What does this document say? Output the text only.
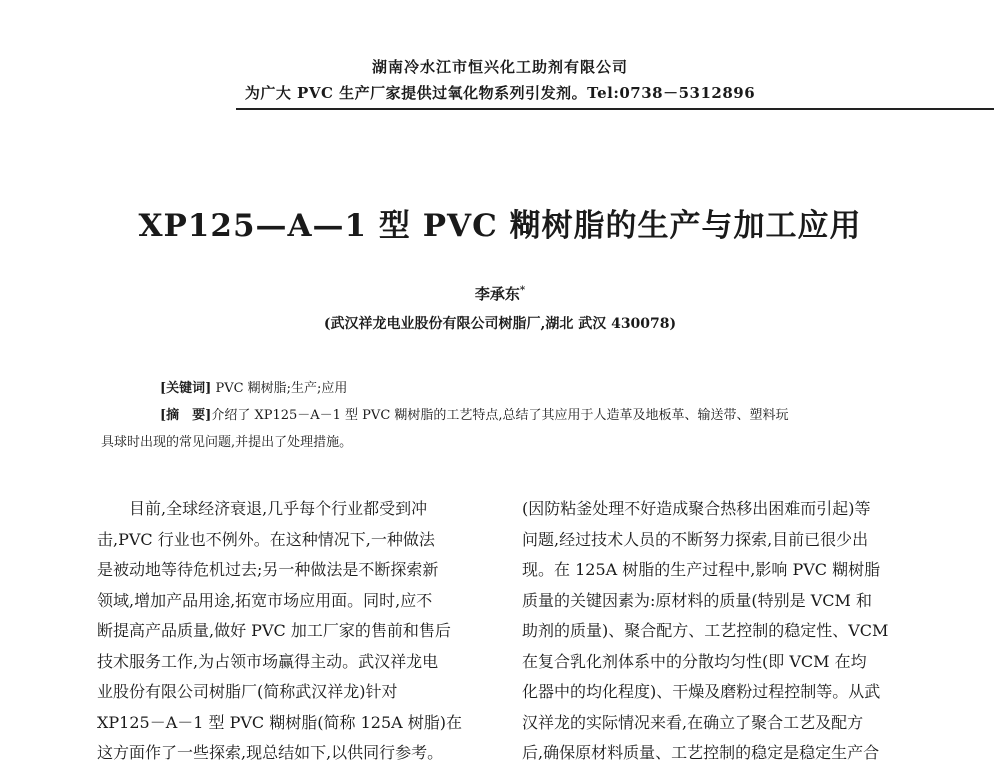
湖南冷水江市恒兴化工助剂有限公司
为广大 PVC 生产厂家提供过氧化物系列引发剂。Tel:0738－5312896
XP125—A—1 型 PVC 糊树脂的生产与加工应用
李承东*
(武汉祥龙电业股份有限公司树脂厂,湖北 武汉 430078)
[关键词] PVC 糊树脂;生产;应用
[摘　要]介绍了 XP125－A－1 型 PVC 糊树脂的工艺特点,总结了其应用于人造革及地板革、输送带、塑料玩
具球时出现的常见问题,并提出了处理措施。
　　目前,全球经济衰退,几乎每个行业都受到冲
击,PVC 行业也不例外。在这种情况下,一种做法
是被动地等待危机过去;另一种做法是不断探索新
领域,增加产品用途,拓宽市场应用面。同时,应不
断提高产品质量,做好 PVC 加工厂家的售前和售后
技术服务工作,为占领市场赢得主动。武汉祥龙电
业股份有限公司树脂厂(简称武汉祥龙)针对
XP125－A－1 型 PVC 糊树脂(简称 125A 树脂)在
这方面作了一些探索,现总结如下,以供同行参考。
(因防粘釜处理不好造成聚合热移出困难而引起)等
问题,经过技术人员的不断努力探索,目前已很少出
现。在 125A 树脂的生产过程中,影响 PVC 糊树脂
质量的关键因素为:原材料的质量(特别是 VCM 和
助剂的质量)、聚合配方、工艺控制的稳定性、VCM
在复合乳化剂体系中的分散均匀性(即 VCM 在均
化器中的均化程度)、干燥及磨粉过程控制等。从武
汉祥龙的实际情况来看,在确立了聚合工艺及配方
后,确保原材料质量、工艺控制的稳定是稳定生产合
